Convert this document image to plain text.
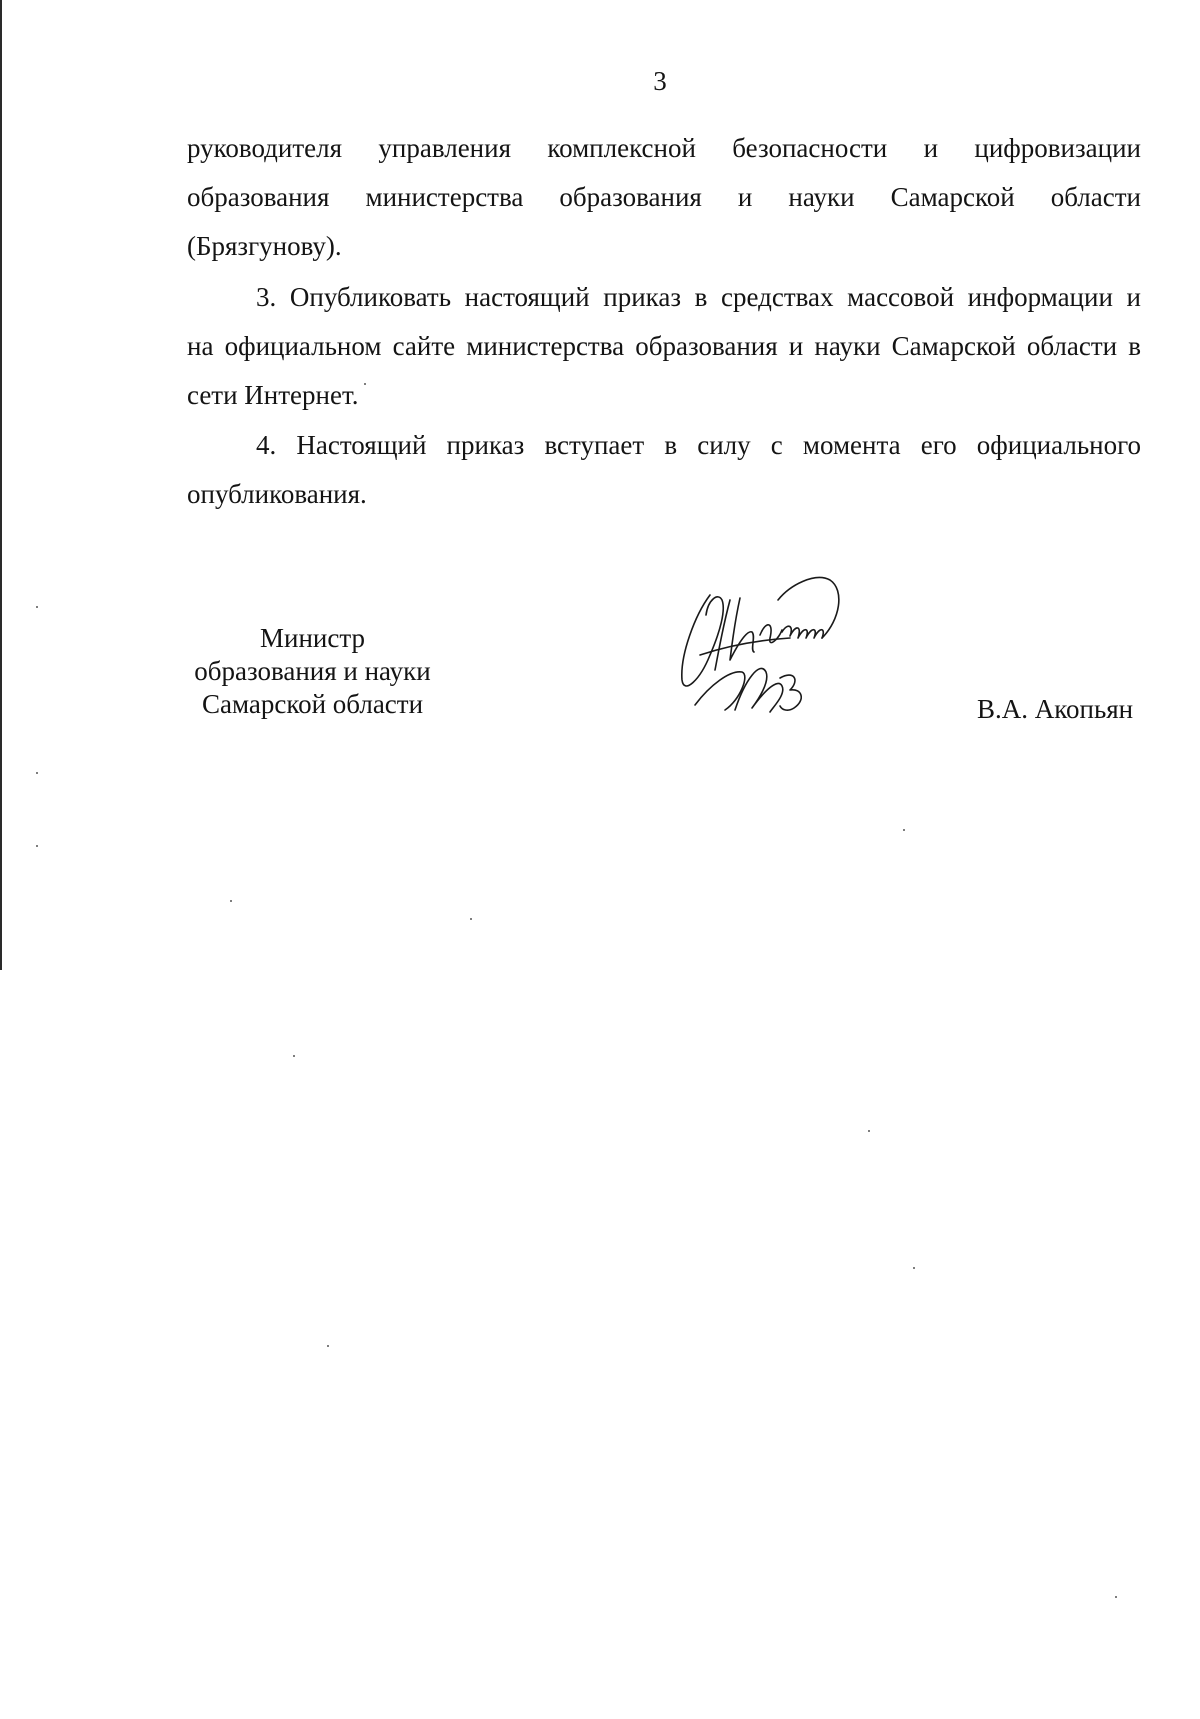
3
руководителя управления комплексной безопасности и цифровизации
образования министерства образования и науки Самарской области
(Брязгунову).
3. Опубликовать настоящий приказ в средствах массовой информации и
на официальном сайте министерства образования и науки Самарской области в
сети Интернет.
4. Настоящий приказ вступает в силу с момента его официального
опубликования.
Министр
образования и науки
Самарской области	В.А. Акопьян
